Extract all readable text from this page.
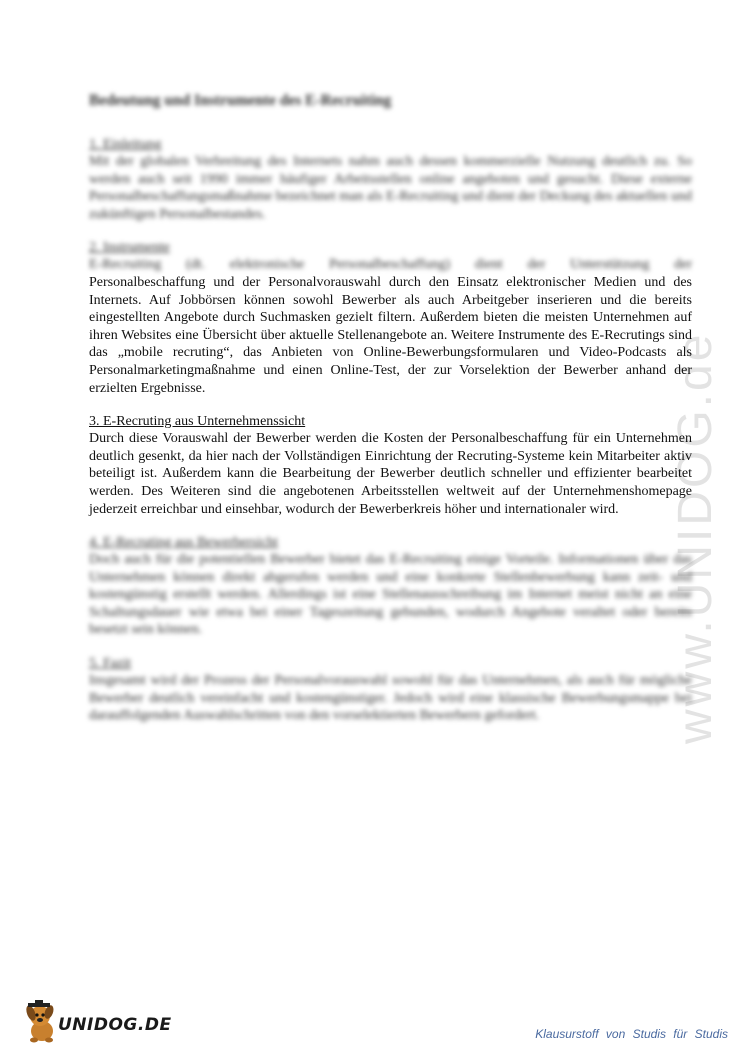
www.UNIDOG.de
Bedeutung und Instrumente des E-Recruiting
1. Einleitung
Mit der globalen Verbreitung des Internets nahm auch dessen kommerzielle Nutzung deutlich zu. So werden auch seit 1990 immer häufiger Arbeitsstellen online angeboten und gesucht. Diese externe Personalbeschaffungsmaßnahme bezeichnet man als E-Recruiting und dient der Deckung des aktuellen und zukünftigen Personalbestandes.
2. Instrumente
E-Recruiting (dt. elektronische Personalbeschaffung) dient der Unterstützung der
Personalbeschaffung und der Personalvorauswahl durch den Einsatz elektronischer Medien und des Internets. Auf Jobbörsen können sowohl Bewerber als auch Arbeitgeber inserieren und die bereits eingestellten Angebote durch Suchmasken gezielt filtern. Außerdem bieten die meisten Unternehmen auf ihren Websites eine Übersicht über aktuelle Stellenangebote an. Weitere Instrumente des E-Recrutings sind das „mobile recruting“, das Anbieten von Online-Bewerbungsformularen und Video-Podcasts als Personalmarketingmaßnahme und einen Online-Test, der zur Vorselektion der Bewerber anhand der erzielten Ergebnisse.
3. E-Recruting aus Unternehmenssicht
Durch diese Vorauswahl der Bewerber werden die Kosten der Personalbeschaffung für ein Unternehmen deutlich gesenkt, da hier nach der Vollständigen Einrichtung der Recruting-Systeme kein Mitarbeiter aktiv beteiligt ist. Außerdem kann die Bearbeitung der Bewerber deutlich schneller und effizienter bearbeitet werden. Des Weiteren sind die angebotenen Arbeitsstellen weltweit auf der Unternehmenshomepage jederzeit erreichbar und einsehbar, wodurch der Bewerberkreis höher und internationaler wird.
4. E-Recruting aus Bewerbersicht
Doch auch für die potentiellen Bewerber bietet das E-Recruiting einige Vorteile. Informationen über das Unternehmen können direkt abgerufen werden und eine konkrete Stellenbewerbung kann zeit- und kostengünstig erstellt werden. Allerdings ist eine Stellenausschreibung im Internet meist nicht an eine Schaltungsdauer wie etwa bei einer Tageszeitung gebunden, wodurch Angebote veraltet oder bereits besetzt sein können.
5. Fazit
Insgesamt wird der Prozess der Personalvorauswahl sowohl für das Unternehmen, als auch für mögliche Bewerber deutlich vereinfacht und kostengünstiger. Jedoch wird eine klassische Bewerbungsmappe bei darauffolgenden Auswahlschritten von den vorselektierten Bewerbern gefordert.
UNIDOG.DE	Klausurstoff von Studis für Studis
